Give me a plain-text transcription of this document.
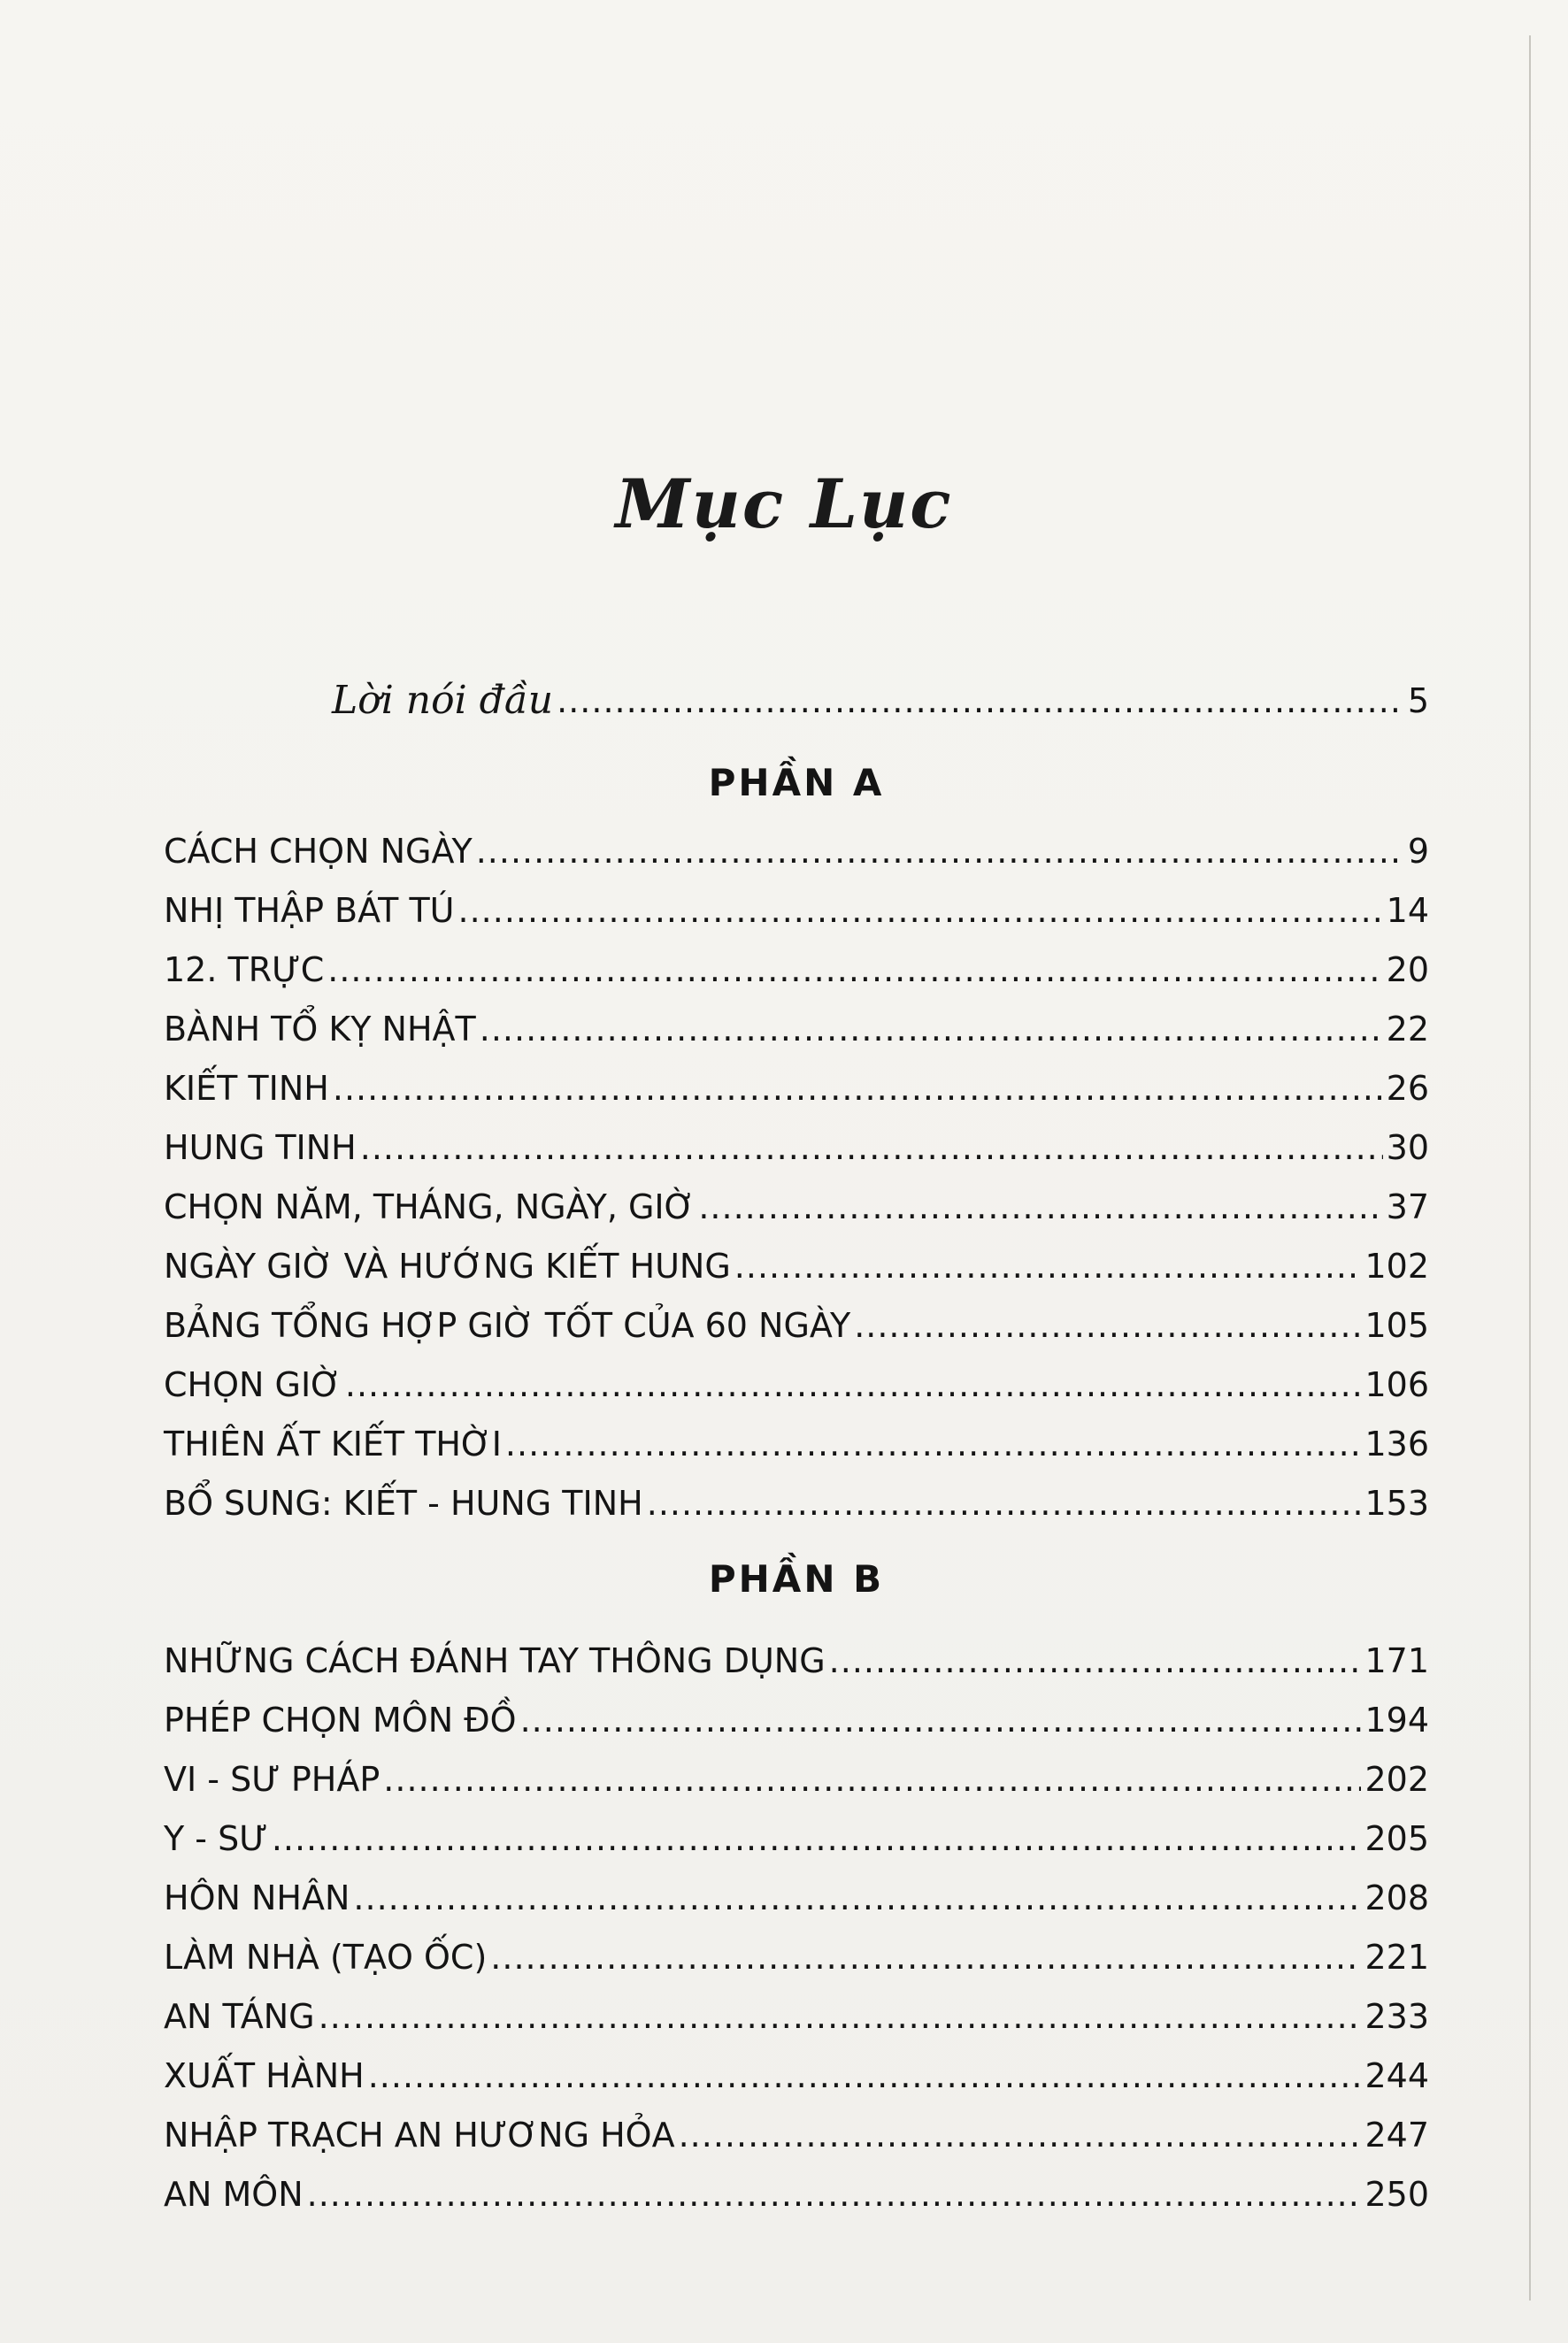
Mục Lục
Lời nói đầu .....	5
PHẦN A
CÁCH CHỌN NGÀY .....	9
NHỊ THẬP BÁT TÚ .....	14
12. TRỰC .....	20
BÀNH TỔ KỴ NHẬT .....	22
KIẾT TINH .....	26
HUNG TINH .....	30
CHỌN NĂM, THÁNG, NGÀY, GIỜ .....	37
NGÀY GIỜ VÀ HƯỚNG KIẾT HUNG .....	102
BẢNG TỔNG HỢP GIỜ TỐT CỦA 60 NGÀY .....	105
CHỌN GIỜ .....	106
THIÊN ẤT KIẾT THỜI .....	136
BỔ SUNG: KIẾT - HUNG TINH .....	153
PHẦN B
NHỮNG CÁCH ĐÁNH TAY THÔNG DỤNG .....	171
PHÉP CHỌN MÔN ĐỒ .....	194
VI - SƯ PHÁP .....	202
Y - SƯ .....	205
HÔN NHÂN .....	208
LÀM NHÀ (TẠO ỐC) .....	221
AN TÁNG .....	233
XUẤT HÀNH .....	244
NHẬP TRẠCH AN HƯƠNG HỎA .....	247
AN MÔN .....	250
